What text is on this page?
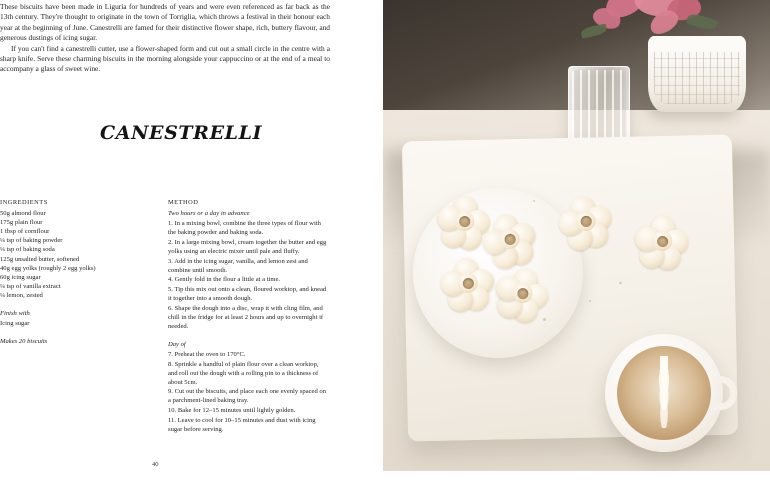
These biscuits have been made in Liguria for hundreds of years and were even referenced as far back as the 13th century. They're thought to originate in the town of Torriglia, which throws a festival in their honour each year at the beginning of June. Canestrelli are famed for their distinctive flower shape, rich, buttery flavour, and generous dustings of icing sugar.

If you can't find a canestrelli cutter, use a flower-shaped form and cut out a small circle in the centre with a sharp knife. Serve these charming biscuits in the morning alongside your cappuccino or at the end of a meal to accompany a glass of sweet wine.

CANESTRELLI
INGREDIENTS
50g almond flour
175g plain flour
1 tbsp of cornflour
¼ tsp of baking powder
¼ tsp of baking soda
125g unsalted butter, softened
40g egg yolks (roughly 2 egg yolks)
60g icing sugar
¼ tsp of vanilla extract
¼ lemon, zested
Finish with
Icing sugar
Makes 20 biscuits
METHOD
Two hours or a day in advance
1. In a mixing bowl, combine the three types of flour with the baking powder and baking soda.
2. In a large mixing bowl, cream together the butter and egg yolks using an electric mixer until pale and fluffy.
3. Add in the icing sugar, vanilla, and lemon zest and combine until smooth.
4. Gently fold in the flour a little at a time.
5. Tip this mix out onto a clean, floured worktop, and knead it together into a smooth dough.
6. Shape the dough into a disc, wrap it with cling film, and chill in the fridge for at least 2 hours and up to overnight if needed.
Day of
7. Preheat the oven to 170°C.
8. Sprinkle a handful of plain flour over a clean worktop, and roll out the dough with a rolling pin to a thickness of about 5cm.
9. Cut out the biscuits, and place each one evenly spaced on a parchment-lined baking tray.
10. Bake for 12–15 minutes until lightly golden.
11. Leave to cool for 10–15 minutes and dust with icing sugar before serving.
40
